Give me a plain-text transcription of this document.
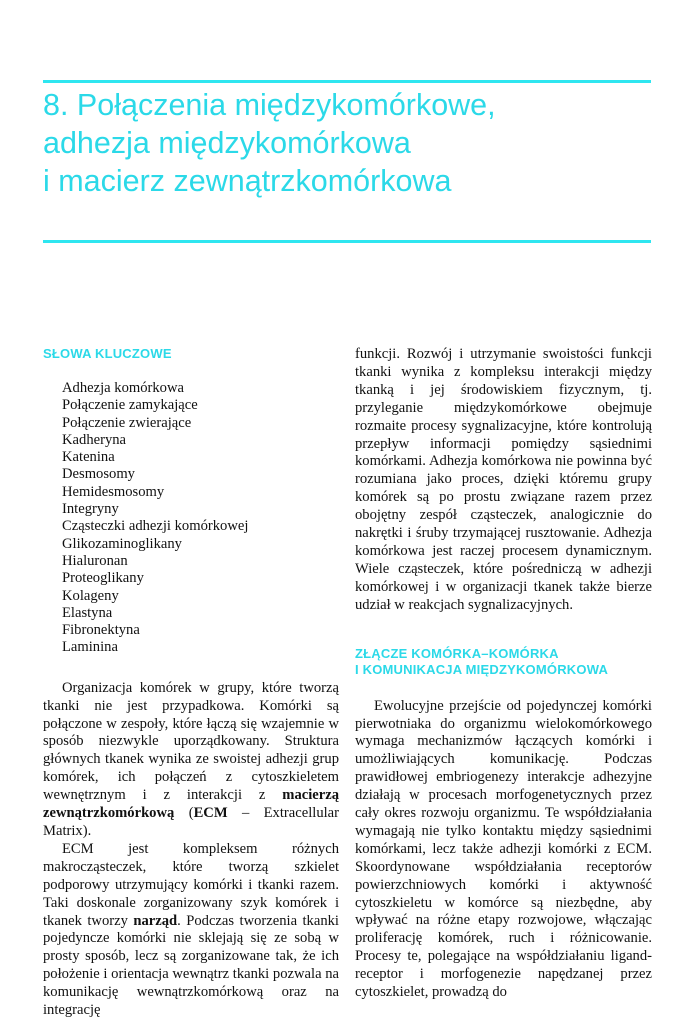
8. Połączenia międzykomórkowe,
adhezja międzykomórkowa
i macierz zewnątrzkomórkowa
SŁOWA KLUCZOWE
Adhezja komórkowa
Połączenie zamykające
Połączenie zwierające
Kadheryna
Katenina
Desmosomy
Hemidesmosomy
Integryny
Cząsteczki adhezji komórkowej
Glikozaminoglikany
Hialuronan
Proteoglikany
Kolageny
Elastyna
Fibronektyna
Laminina

Organizacja komórek w grupy, które tworzą tkanki nie jest przypadkowa. Komórki są połączone w zespoły, które łączą się wzajemnie w sposób niezwykle uporządkowany. Struktura głównych tkanek wynika ze swoistej adhezji grup komórek, ich połączeń z cytoszkieletem wewnętrznym i z interakcji z macierzą zewnątrzkomórkową (ECM – Extracellular Matrix).

ECM jest kompleksem różnych makrocząsteczek, które tworzą szkielet podporowy utrzymujący komórki i tkanki razem. Taki doskonale zorganizowany szyk komórek i tkanek tworzy narząd. Podczas tworzenia tkanki pojedyncze komórki nie sklejają się ze sobą w prosty sposób, lecz są zorganizowane tak, że ich położenie i orientacja wewnątrz tkanki pozwala na komunikację wewnątrzkomórkową oraz na integrację

funkcji. Rozwój i utrzymanie swoistości funkcji tkanki wynika z kompleksu interakcji między tkanką i jej środowiskiem fizycznym, tj. przyleganie międzykomórkowe obejmuje rozmaite procesy sygnalizacyjne, które kontrolują przepływ informacji pomiędzy sąsiednimi komórkami. Adhezja komórkowa nie powinna być rozumiana jako proces, dzięki któremu grupy komórek są po prostu związane razem przez obojętny zespół cząsteczek, analogicznie do nakrętki i śruby trzymającej rusztowanie. Adhezja komórkowa jest raczej procesem dynamicznym. Wiele cząsteczek, które pośredniczą w adhezji komórkowej i w organizacji tkanek także bierze udział w reakcjach sygnalizacyjnych.

ZŁĄCZE KOMÓRKA–KOMÓRKA
I KOMUNIKACJA MIĘDZYKOMÓRKOWA

Ewolucyjne przejście od pojedynczej komórki pierwotniaka do organizmu wielokomórkowego wymaga mechanizmów łączących komórki i umożliwiających komunikację. Podczas prawidłowej embriogenezy interakcje adhezyjne działają w procesach morfogenetycznych przez cały okres rozwoju organizmu. Te współdziałania wymagają nie tylko kontaktu między sąsiednimi komórkami, lecz także adhezji komórki z ECM. Skoordynowane współdziałania receptorów powierzchniowych komórki i aktywność cytoszkieletu w komórce są niezbędne, aby wpływać na różne etapy rozwojowe, włączając proliferację komórek, ruch i różnicowanie. Procesy te, polegające na współdziałaniu ligand-receptor i morfogenezie napędzanej przez cytoszkielet, prowadzą do
